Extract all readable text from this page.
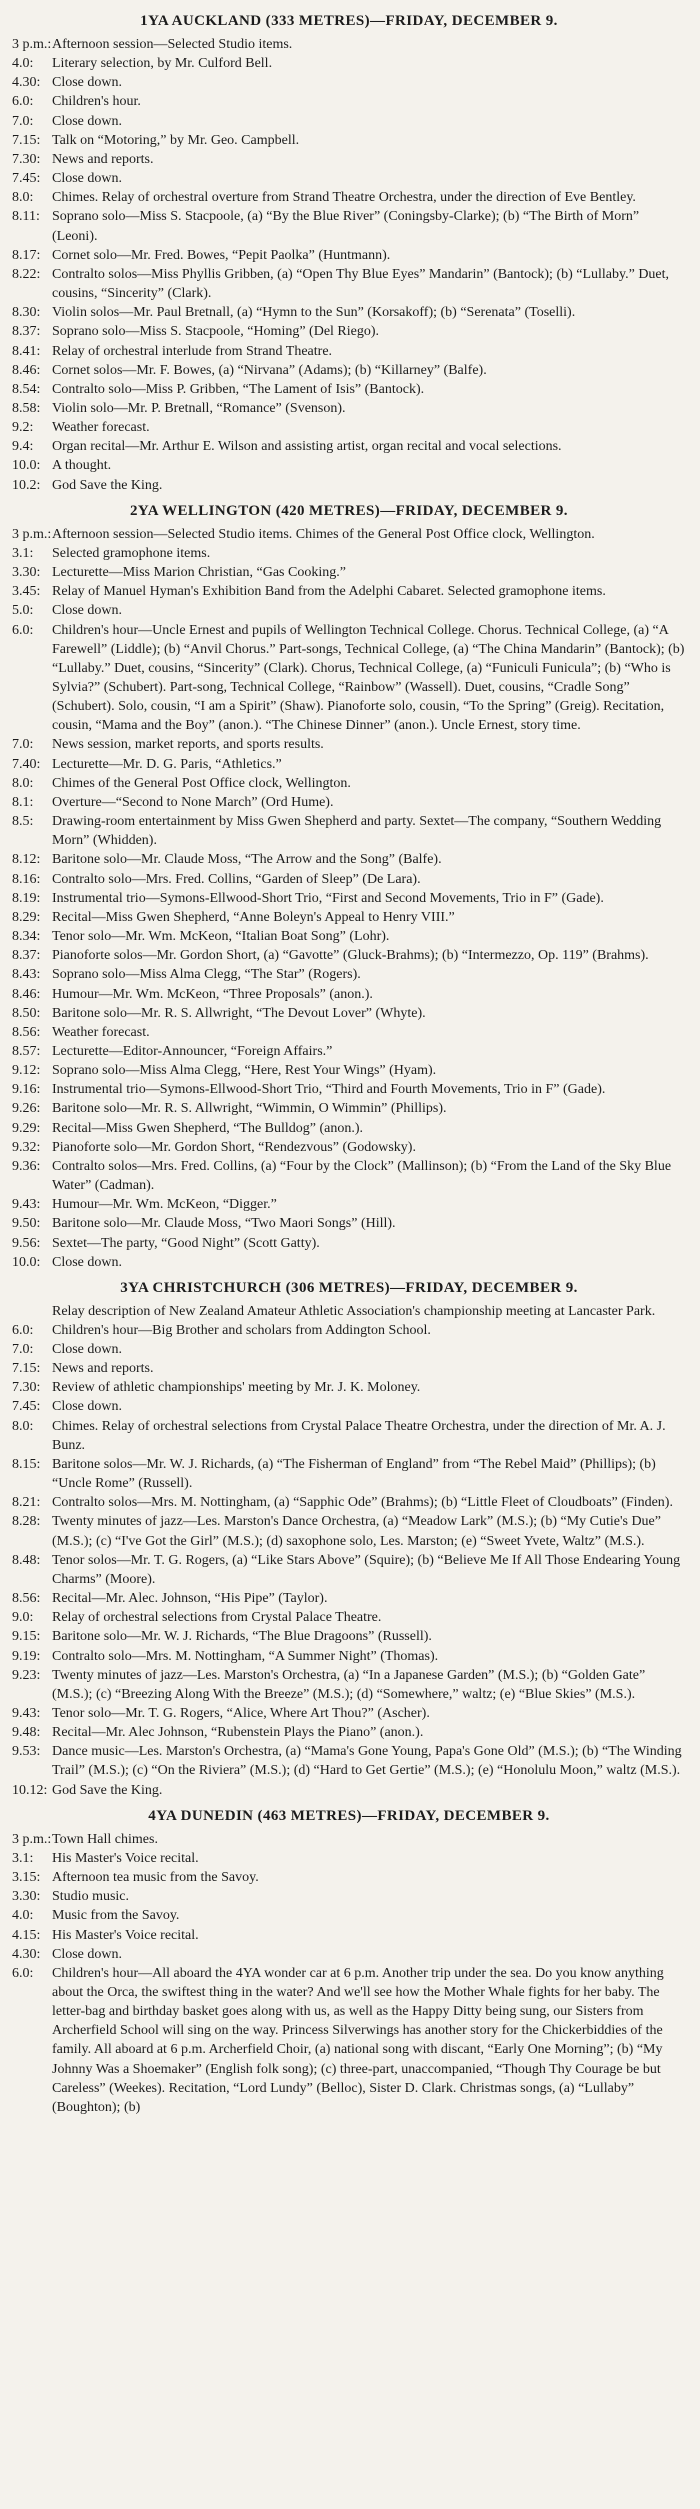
1YA AUCKLAND (333 METRES)—FRIDAY, DECEMBER 9.
3 p.m.: Afternoon session—Selected Studio items.
4.0:	Literary selection, by Mr. Culford Bell.
4.30: Close down.
6.0:	Children's hour.
7.0:	Close down.
7.15: Talk on “Motoring,” by Mr. Geo. Campbell.
7.30: News and reports.
7.45: Close down.
8.0:	Chimes. Relay of orchestral overture from Strand Theatre Orchestra, under the direction of Eve Bentley.
8.11: Soprano solo—Miss S. Stacpoole, (a) “By the Blue River” (Coningsby-Clarke); (b) “The Birth of Morn” (Leoni).
8.17: Cornet solo—Mr. Fred. Bowes, “Pepit Paolka” (Huntmann).
8.22: Contralto solos—Miss Phyllis Gribben, (a) “Open Thy Blue Eyes” Mandarin” (Bantock); (b) “Lullaby.” Duet, cousins, “Sincerity” (Clark).
8.30: Violin solos—Mr. Paul Bretnall, (a) “Hymn to the Sun” (Korsakoff); (b) “Serenata” (Toselli).
8.37: Soprano solo—Miss S. Stacpoole, “Homing” (Del Riego).
8.41: Relay of orchestral interlude from Strand Theatre.
8.46: Cornet solos—Mr. F. Bowes, (a) “Nirvana” (Adams); (b) “Killarney” (Balfe).
8.54: Contralto solo—Miss P. Gribben, “The Lament of Isis” (Bantock).
8.58: Violin solo—Mr. P. Bretnall, “Romance” (Svenson).
9.2:	Weather forecast.
9.4:	Organ recital—Mr. Arthur E. Wilson and assisting artist, organ recital and vocal selections.
10.0: A thought.
10.2: God Save the King.
2YA WELLINGTON (420 METRES)—FRIDAY, DECEMBER 9.
3 p.m.: Afternoon session—Selected Studio items. Chimes of the General Post Office clock, Wellington.
3.1:	Selected gramophone items.
3.30: Lecturette—Miss Marion Christian, “Gas Cooking.”
3.45: Relay of Manuel Hyman's Exhibition Band from the Adelphi Cabaret. Selected gramophone items.
5.0:	Close down.
6.0:	Children's hour—Uncle Ernest and pupils of Wellington Technical College. Chorus. Technical College, (a) “A Farewell” (Liddle); (b) “Anvil Chorus.” Part-songs, Technical College, (a) “The China Mandarin” (Bantock); (b) “Lullaby.” Duet, cousins, “Sincerity” (Clark). Chorus, Technical College, (a) “Funiculi Funicula”; (b) “Who is Sylvia?” (Schubert). Part-song, Technical College, “Rainbow” (Wassell). Duet, cousins, “Cradle Song” (Schubert). Solo, cousin, “I am a Spirit” (Shaw). Pianoforte solo, cousin, “To the Spring” (Greig). Recitation, cousin, “Mama and the Boy” (anon.). “The Chinese Dinner” (anon.). Uncle Ernest, story time.
7.0:	News session, market reports, and sports results.
7.40: Lecturette—Mr. D. G. Paris, “Athletics.”
8.0:	Chimes of the General Post Office clock, Wellington.
8.1:	Overture—“Second to None March” (Ord Hume).
8.5:	Drawing-room entertainment by Miss Gwen Shepherd and party. Sextet—The company, “Southern Wedding Morn” (Whidden).
8.12: Baritone solo—Mr. Claude Moss, “The Arrow and the Song” (Balfe).
8.16: Contralto solo—Mrs. Fred. Collins, “Garden of Sleep” (De Lara).
8.19: Instrumental trio—Symons-Ellwood-Short Trio, “First and Second Movements, Trio in F” (Gade).
8.29: Recital—Miss Gwen Shepherd, “Anne Boleyn's Appeal to Henry VIII.”
8.34: Tenor solo—Mr. Wm. McKeon, “Italian Boat Song” (Lohr).
8.37: Pianoforte solos—Mr. Gordon Short, (a) “Gavotte” (Gluck-Brahms); (b) “Intermezzo, Op. 119” (Brahms).
8.43: Soprano solo—Miss Alma Clegg, “The Star” (Rogers).
8.46: Humour—Mr. Wm. McKeon, “Three Proposals” (anon.).
8.50: Baritone solo—Mr. R. S. Allwright, “The Devout Lover” (Whyte).
8.56: Weather forecast.
8.57: Lecturette—Editor-Announcer, “Foreign Affairs.”
9.12: Soprano solo—Miss Alma Clegg, “Here, Rest Your Wings” (Hyam).
9.16: Instrumental trio—Symons-Ellwood-Short Trio, “Third and Fourth Movements, Trio in F” (Gade).
9.26: Baritone solo—Mr. R. S. Allwright, “Wimmin, O Wimmin” (Phillips).
9.29: Recital—Miss Gwen Shepherd, “The Bulldog” (anon.).
9.32: Pianoforte solo—Mr. Gordon Short, “Rendezvous” (Godowsky).
9.36: Contralto solos—Mrs. Fred. Collins, (a) “Four by the Clock” (Mallinson); (b) “From the Land of the Sky Blue Water” (Cadman).
9.43: Humour—Mr. Wm. McKeon, “Digger.”
9.50: Baritone solo—Mr. Claude Moss, “Two Maori Songs” (Hill).
9.56: Sextet—The party, “Good Night” (Scott Gatty).
10.0: Close down.
3YA CHRISTCHURCH (306 METRES)—FRIDAY, DECEMBER 9.
Relay description of New Zealand Amateur Athletic Association's championship meeting at Lancaster Park.
6.0:	Children's hour—Big Brother and scholars from Addington School.
7.0:	Close down.
7.15: News and reports.
7.30: Review of athletic championships' meeting by Mr. J. K. Moloney.
7.45: Close down.
8.0:	Chimes. Relay of orchestral selections from Crystal Palace Theatre Orchestra, under the direction of Mr. A. J. Bunz.
8.15: Baritone solos—Mr. W. J. Richards, (a) “The Fisherman of England” from “The Rebel Maid” (Phillips); (b) “Uncle Rome” (Russell).
8.21: Contralto solos—Mrs. M. Nottingham, (a) “Sapphic Ode” (Brahms); (b) “Little Fleet of Cloudboats” (Finden).
8.28: Twenty minutes of jazz—Les. Marston's Dance Orchestra, (a) “Meadow Lark” (M.S.); (b) “My Cutie's Due” (M.S.); (c) “I've Got the Girl” (M.S.); (d) saxophone solo, Les. Marston; (e) “Sweet Yvete, Waltz” (M.S.).
8.48: Tenor solos—Mr. T. G. Rogers, (a) “Like Stars Above” (Squire); (b) “Believe Me If All Those Endearing Young Charms” (Moore).
8.56: Recital—Mr. Alec. Johnson, “His Pipe” (Taylor).
9.0:	Relay of orchestral selections from Crystal Palace Theatre.
9.15: Baritone solo—Mr. W. J. Richards, “The Blue Dragoons” (Russell).
9.19: Contralto solo—Mrs. M. Nottingham, “A Summer Night” (Thomas).
9.23: Twenty minutes of jazz—Les. Marston's Orchestra, (a) “In a Japanese Garden” (M.S.); (b) “Golden Gate” (M.S.); (c) “Breezing Along With the Breeze” (M.S.); (d) “Somewhere,” waltz; (e) “Blue Skies” (M.S.).
9.43: Tenor solo—Mr. T. G. Rogers, “Alice, Where Art Thou?” (Ascher).
9.48: Recital—Mr. Alec Johnson, “Rubenstein Plays the Piano” (anon.).
9.53: Dance music—Les. Marston's Orchestra, (a) “Mama's Gone Young, Papa's Gone Old” (M.S.); (b) “The Winding Trail” (M.S.); (c) “On the Riviera” (M.S.); (d) “Hard to Get Gertie” (M.S.); (e) “Honolulu Moon,” waltz (M.S.).
10.12: God Save the King.
4YA DUNEDIN (463 METRES)—FRIDAY, DECEMBER 9.
3 p.m.: Town Hall chimes.
3.1:	His Master's Voice recital.
3.15: Afternoon tea music from the Savoy.
3.30: Studio music.
4.0:	Music from the Savoy.
4.15: His Master's Voice recital.
4.30: Close down.
6.0:	Children's hour—All aboard the 4YA wonder car at 6 p.m. Another trip under the sea. Do you know anything about the Orca, the swiftest thing in the water? And we'll see how the Mother Whale fights for her baby. The letter-bag and birthday basket goes along with us, as well as the Happy Ditty being sung, our Sisters from Archerfield School will sing on the way. Princess Silverwings has another story for the Chickerbiddies of the family. All aboard at 6 p.m. Archerfield Choir, (a) national song with discant, “Early One Morning”; (b) “My Johnny Was a Shoemaker” (English folk song); (c) three-part, unaccompanied, “Though Thy Courage be but Careless” (Weekes). Recitation, “Lord Lundy” (Belloc), Sister D. Clark. Christmas songs, (a) “Lullaby” (Boughton); (b)
